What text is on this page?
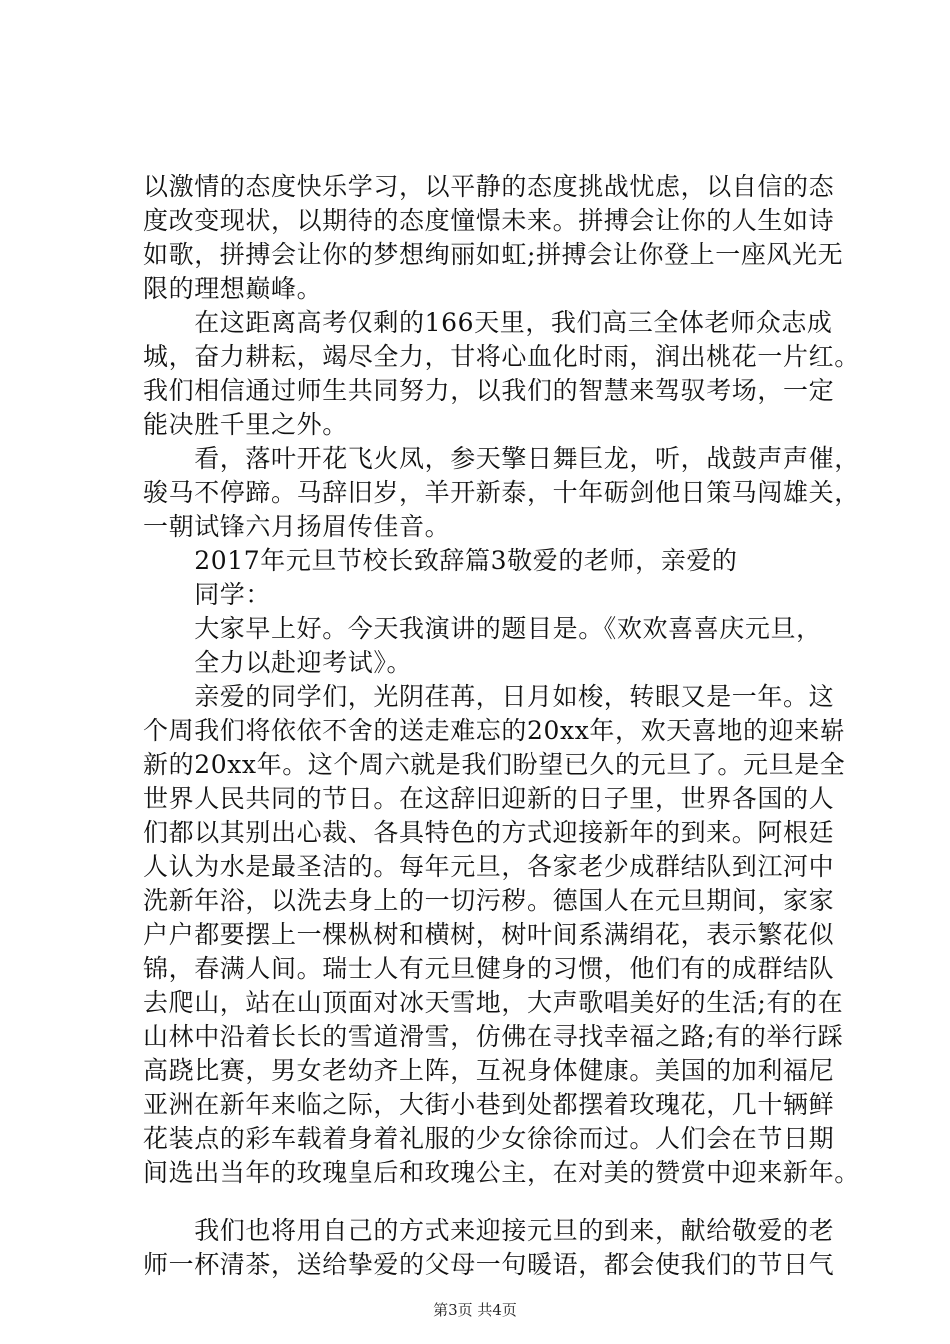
以激情的态度快乐学习，以平静的态度挑战忧虑，以自信的态
度改变现状，以期待的态度憧憬未来。拼搏会让你的人生如诗
如歌，拼搏会让你的梦想绚丽如虹;拼搏会让你登上一座风光无
限的理想巅峰。
　　在这距离高考仅剩的166天里，我们高三全体老师众志成
城，奋力耕耘，竭尽全力，甘将心血化时雨，润出桃花一片红。
我们相信通过师生共同努力，以我们的智慧来驾驭考场，一定
能决胜千里之外。
　　看，落叶开花飞火凤，参天擎日舞巨龙，听，战鼓声声催，
骏马不停蹄。马辞旧岁，羊开新泰，十年砺剑他日策马闯雄关，
一朝试锋六月扬眉传佳音。
　　2017年元旦节校长致辞篇3敬爱的老师，亲爱的
　　同学：
　　大家早上好。今天我演讲的题目是。《欢欢喜喜庆元旦，
　　全力以赴迎考试》。
　　亲爱的同学们，光阴荏苒，日月如梭，转眼又是一年。这
个周我们将依依不舍的送走难忘的20xx年，欢天喜地的迎来崭
新的20xx年。这个周六就是我们盼望已久的元旦了。元旦是全
世界人民共同的节日。在这辞旧迎新的日子里，世界各国的人
们都以其别出心裁、各具特色的方式迎接新年的到来。阿根廷
人认为水是最圣洁的。每年元旦，各家老少成群结队到江河中
洗新年浴，以洗去身上的一切污秽。德国人在元旦期间，家家
户户都要摆上一棵枞树和横树，树叶间系满绢花，表示繁花似
锦，春满人间。瑞士人有元旦健身的习惯，他们有的成群结队
去爬山，站在山顶面对冰天雪地，大声歌唱美好的生活;有的在
山林中沿着长长的雪道滑雪，仿佛在寻找幸福之路;有的举行踩
高跷比赛，男女老幼齐上阵，互祝身体健康。美国的加利福尼
亚洲在新年来临之际，大街小巷到处都摆着玫瑰花，几十辆鲜
花装点的彩车载着身着礼服的少女徐徐而过。人们会在节日期
间选出当年的玫瑰皇后和玫瑰公主，在对美的赞赏中迎来新年。
　　我们也将用自己的方式来迎接元旦的到来，献给敬爱的老
师一杯清茶，送给挚爱的父母一句暖语，都会使我们的节日气
第3页 共4页
